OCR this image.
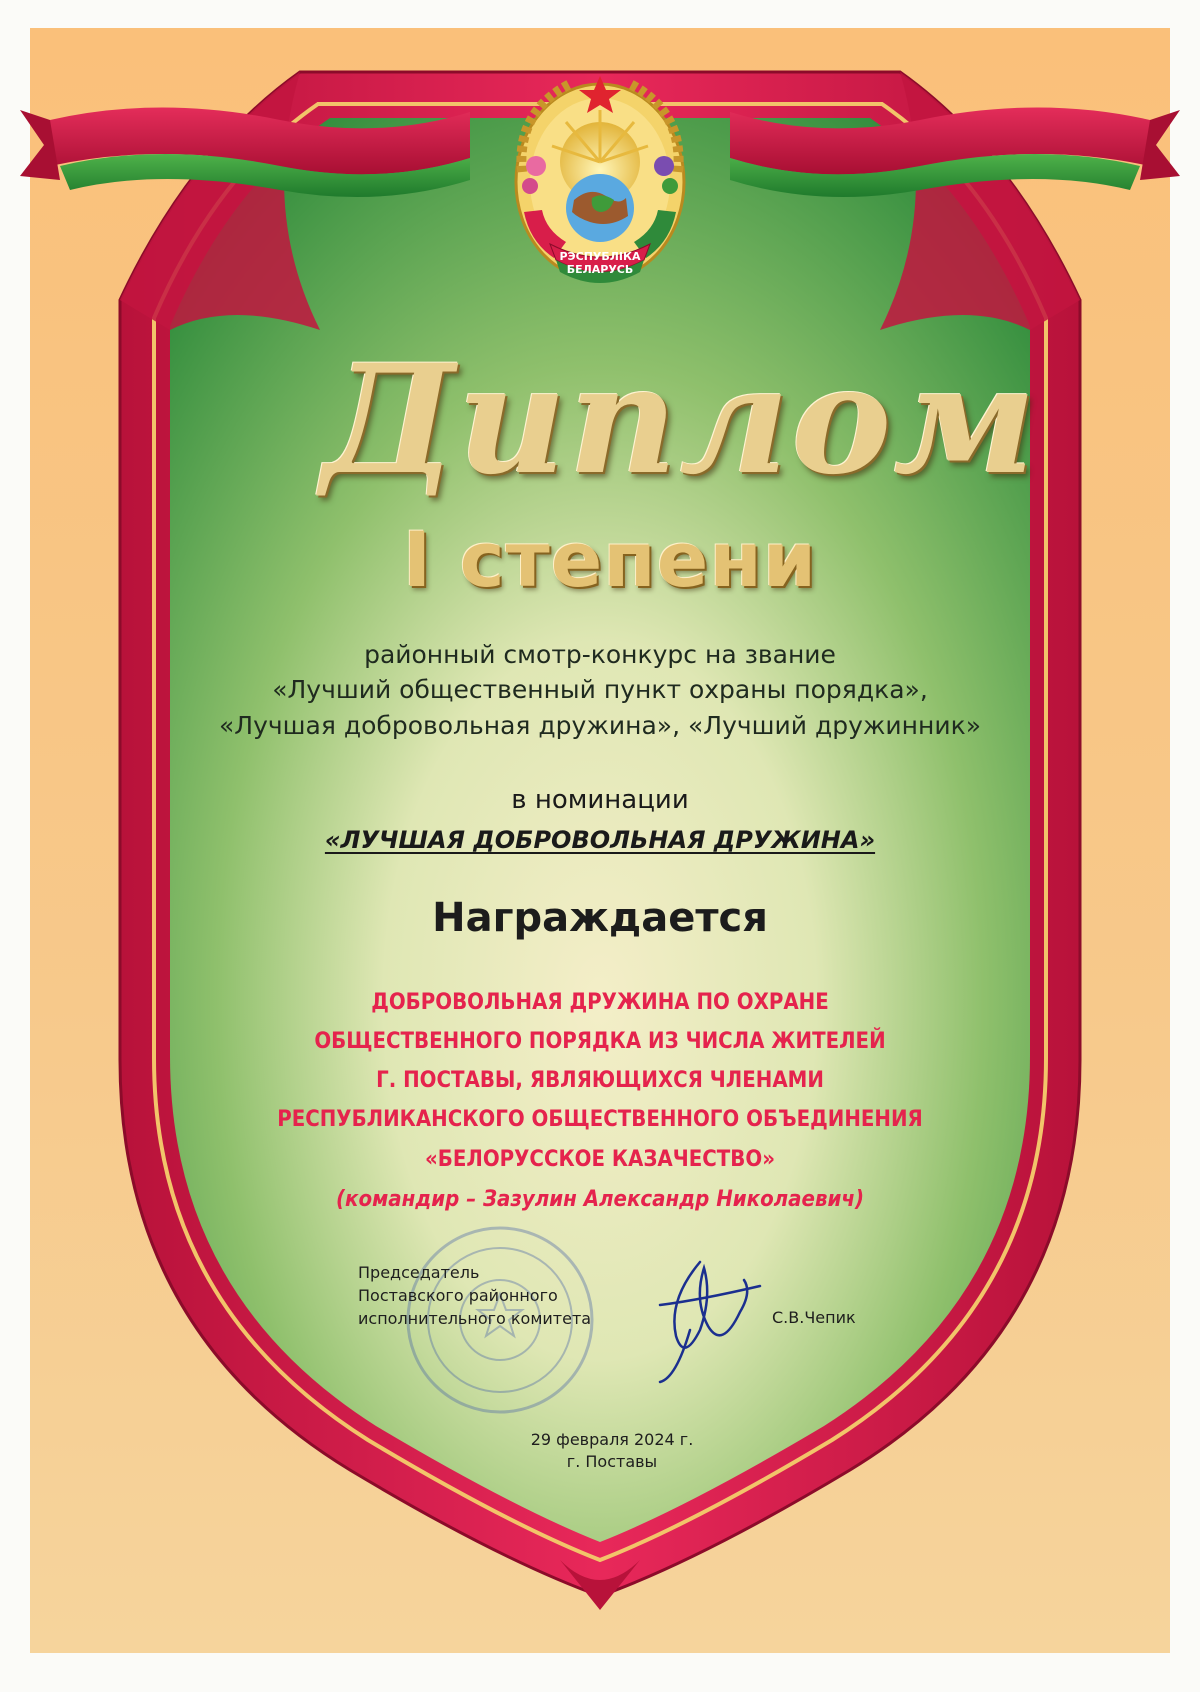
РЭСПУБЛІКА
БЕЛАРУСЬ
Диплом
I степени

районный смотр-конкурс на звание

«Лучший общественный пункт охраны порядка»,

«Лучшая добровольная дружина», «Лучший дружинник»

в номинации

«ЛУЧШАЯ ДОБРОВОЛЬНАЯ ДРУЖИНА»

Награждается

ДОБРОВОЛЬНАЯ ДРУЖИНА ПО ОХРАНЕ

ОБЩЕСТВЕННОГО ПОРЯДКА ИЗ ЧИСЛА ЖИТЕЛЕЙ

Г. ПОСТАВЫ, ЯВЛЯЮЩИХСЯ ЧЛЕНАМИ

РЕСПУБЛИКАНСКОГО ОБЩЕСТВЕННОГО ОБЪЕДИНЕНИЯ

«БЕЛОРУССКОЕ КАЗАЧЕСТВО»

(командир – Зазулин Александр Николаевич)

Председатель

Поставского районного

исполнительного комитета	С.В.Чепик

29 февраля 2024 г.

г. Поставы
